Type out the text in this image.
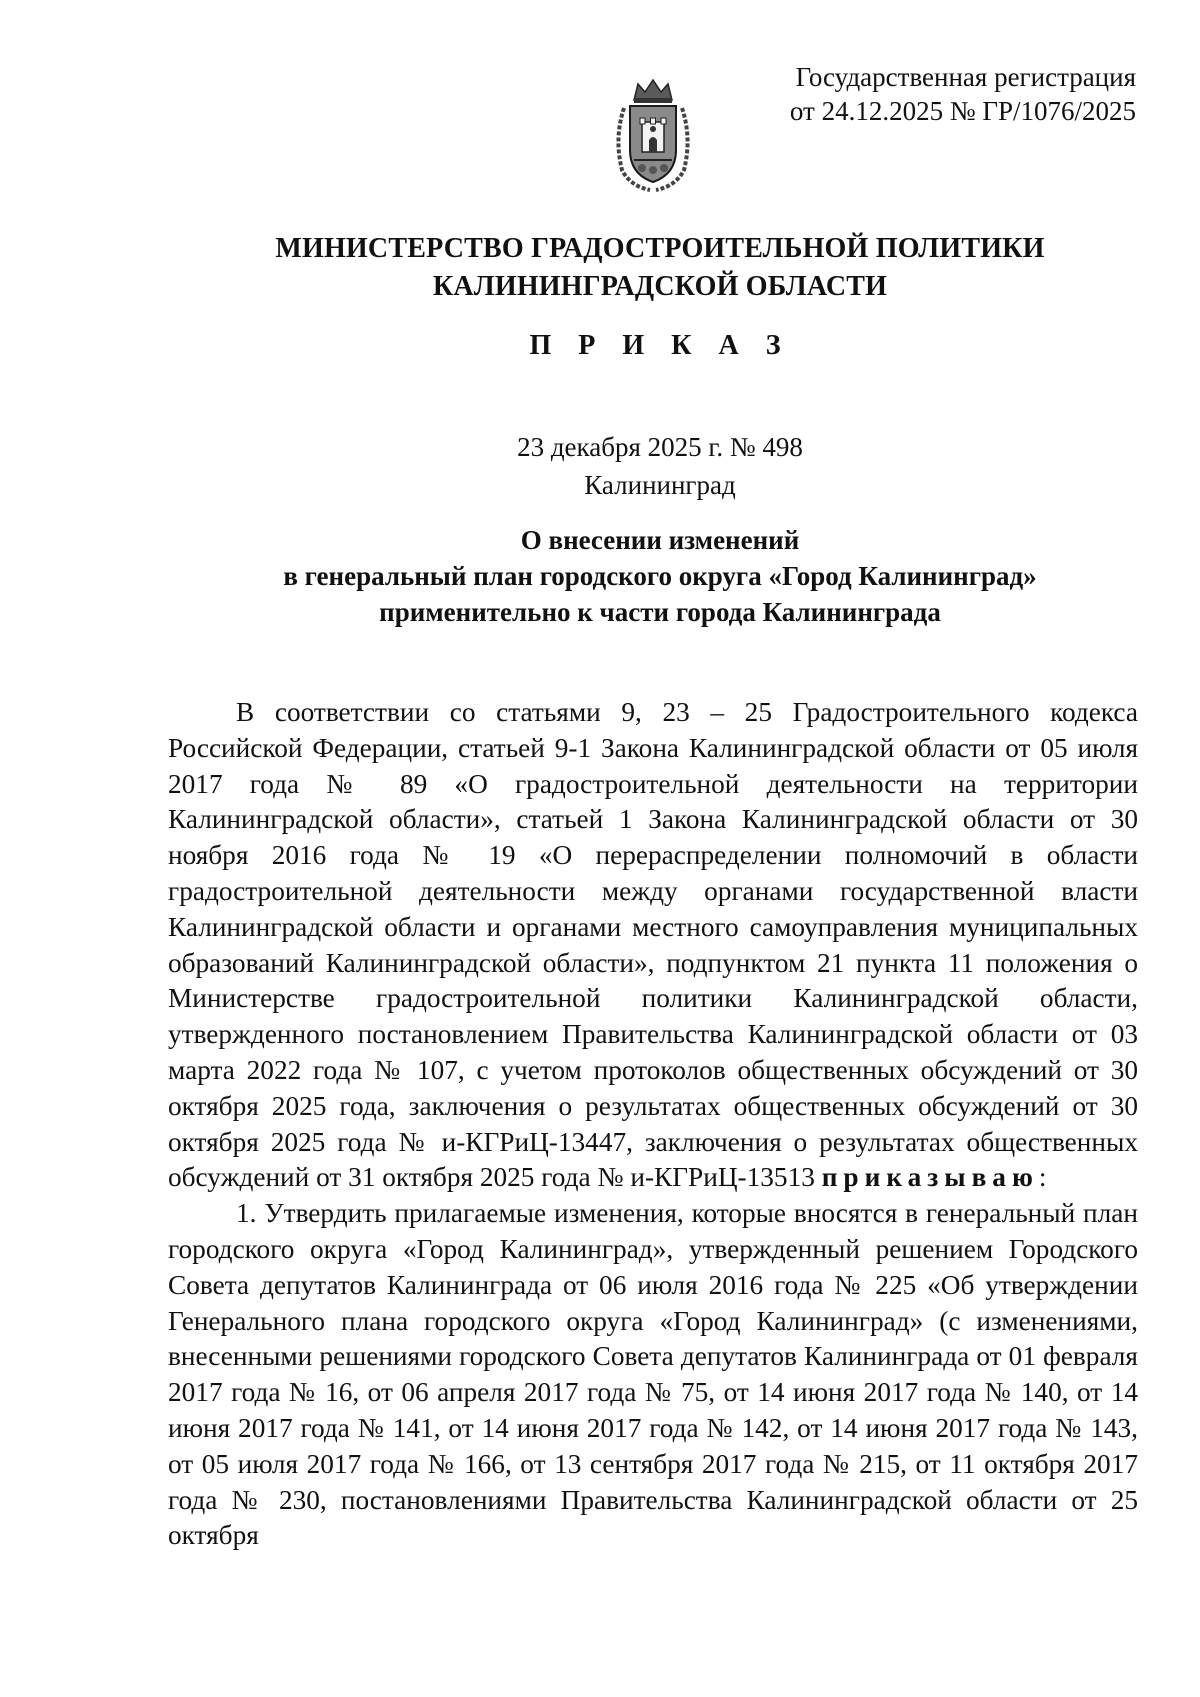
Государственная регистрация
от 24.12.2025 № ГР/1076/2025
МИНИСТЕРСТВО ГРАДОСТРОИТЕЛЬНОЙ ПОЛИТИКИ
КАЛИНИНГРАДСКОЙ ОБЛАСТИ
П Р И К А З
23 декабря 2025 г. № 498
Калининград
О внесении изменений
в генеральный план городского округа «Город Калининград»
применительно к части города Калининграда

В соответствии со статьями 9, 23 – 25 Градостроительного кодекса Российской Федерации, статьей 9-1 Закона Калининградской области от 05 июля 2017 года № 89 «О градостроительной деятельности на территории Калининградской области», статьей 1 Закона Калининградской области от 30 ноября 2016 года № 19 «О перераспределении полномочий в области градостроительной деятельности между органами государственной власти Калининградской области и органами местного самоуправления муниципальных образований Калининградской области», подпунктом 21 пункта 11 положения о Министерстве градостроительной политики Калининградской области, утвержденного постановлением Правительства Калининградской области от 03 марта 2022 года № 107, с учетом протоколов общественных обсуждений от 30 октября 2025 года, заключения о результатах общественных обсуждений от 30 октября 2025 года № и-КГРиЦ-13447, заключения о результатах общественных обсуждений от 31 октября 2025 года № и-КГРиЦ-13513 приказываю:

1. Утвердить прилагаемые изменения, которые вносятся в генеральный план городского округа «Город Калининград», утвержденный решением Городского Совета депутатов Калининграда от 06 июля 2016 года № 225 «Об утверждении Генерального плана городского округа «Город Калининград» (с изменениями, внесенными решениями городского Совета депутатов Калининграда от 01 февраля 2017 года № 16, от 06 апреля 2017 года № 75, от 14 июня 2017 года № 140, от 14 июня 2017 года № 141, от 14 июня 2017 года № 142, от 14 июня 2017 года № 143, от 05 июля 2017 года № 166, от 13 сентября 2017 года № 215, от 11 октября 2017 года № 230, постановлениями Правительства Калининградской области от 25 октября
